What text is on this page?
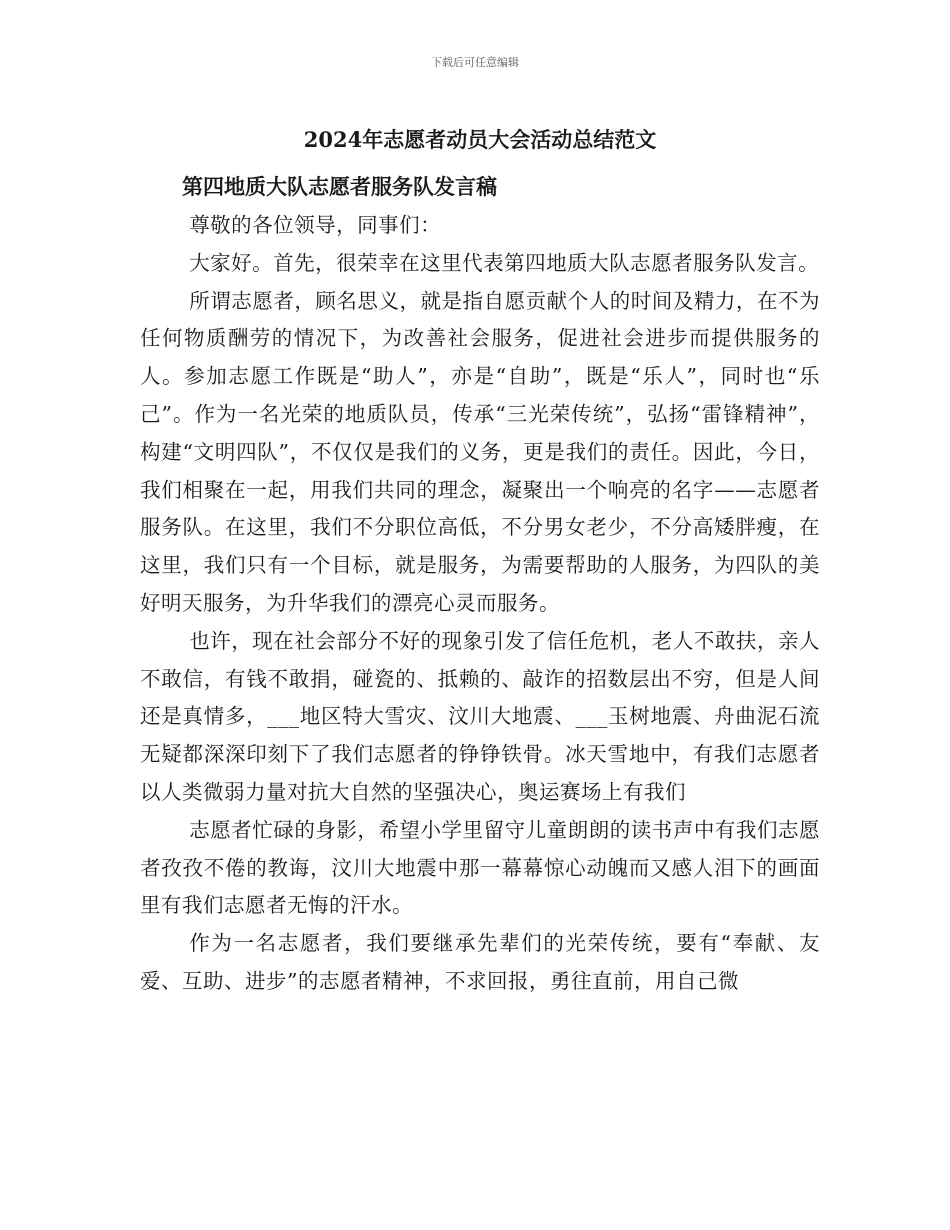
下载后可任意编辑
2024年志愿者动员大会活动总结范文
第四地质大队志愿者服务队发言稿

尊敬的各位领导，同事们：

大家好。首先，很荣幸在这里代表第四地质大队志愿者服务队发言。

所谓志愿者，顾名思义，就是指自愿贡献个人的时间及精力，在不为任何物质酬劳的情况下，为改善社会服务，促进社会进步而提供服务的人。参加志愿工作既是“助人”，亦是“自助”，既是“乐人”，同时也“乐己”。作为一名光荣的地质队员，传承“三光荣传统”，弘扬“雷锋精神”，构建“文明四队”，不仅仅是我们的义务，更是我们的责任。因此，今日，我们相聚在一起，用我们共同的理念，凝聚出一个响亮的名字——志愿者服务队。在这里，我们不分职位高低，不分男女老少，不分高矮胖瘦，在这里，我们只有一个目标，就是服务，为需要帮助的人服务，为四队的美好明天服务，为升华我们的漂亮心灵而服务。

也许，现在社会部分不好的现象引发了信任危机，老人不敢扶，亲人不敢信，有钱不敢捐，碰瓷的、抵赖的、敲诈的招数层出不穷，但是人间还是真情多，___地区特大雪灾、汶川大地震、___玉树地震、舟曲泥石流无疑都深深印刻下了我们志愿者的铮铮铁骨。冰天雪地中，有我们志愿者以人类微弱力量对抗大自然的坚强决心，奥运赛场上有我们

志愿者忙碌的身影，希望小学里留守儿童朗朗的读书声中有我们志愿者孜孜不倦的教诲，汶川大地震中那一幕幕惊心动魄而又感人泪下的画面里有我们志愿者无悔的汗水。

作为一名志愿者，我们要继承先辈们的光荣传统，要有“奉献、友爱、互助、进步”的志愿者精神，不求回报，勇往直前，用自己微
